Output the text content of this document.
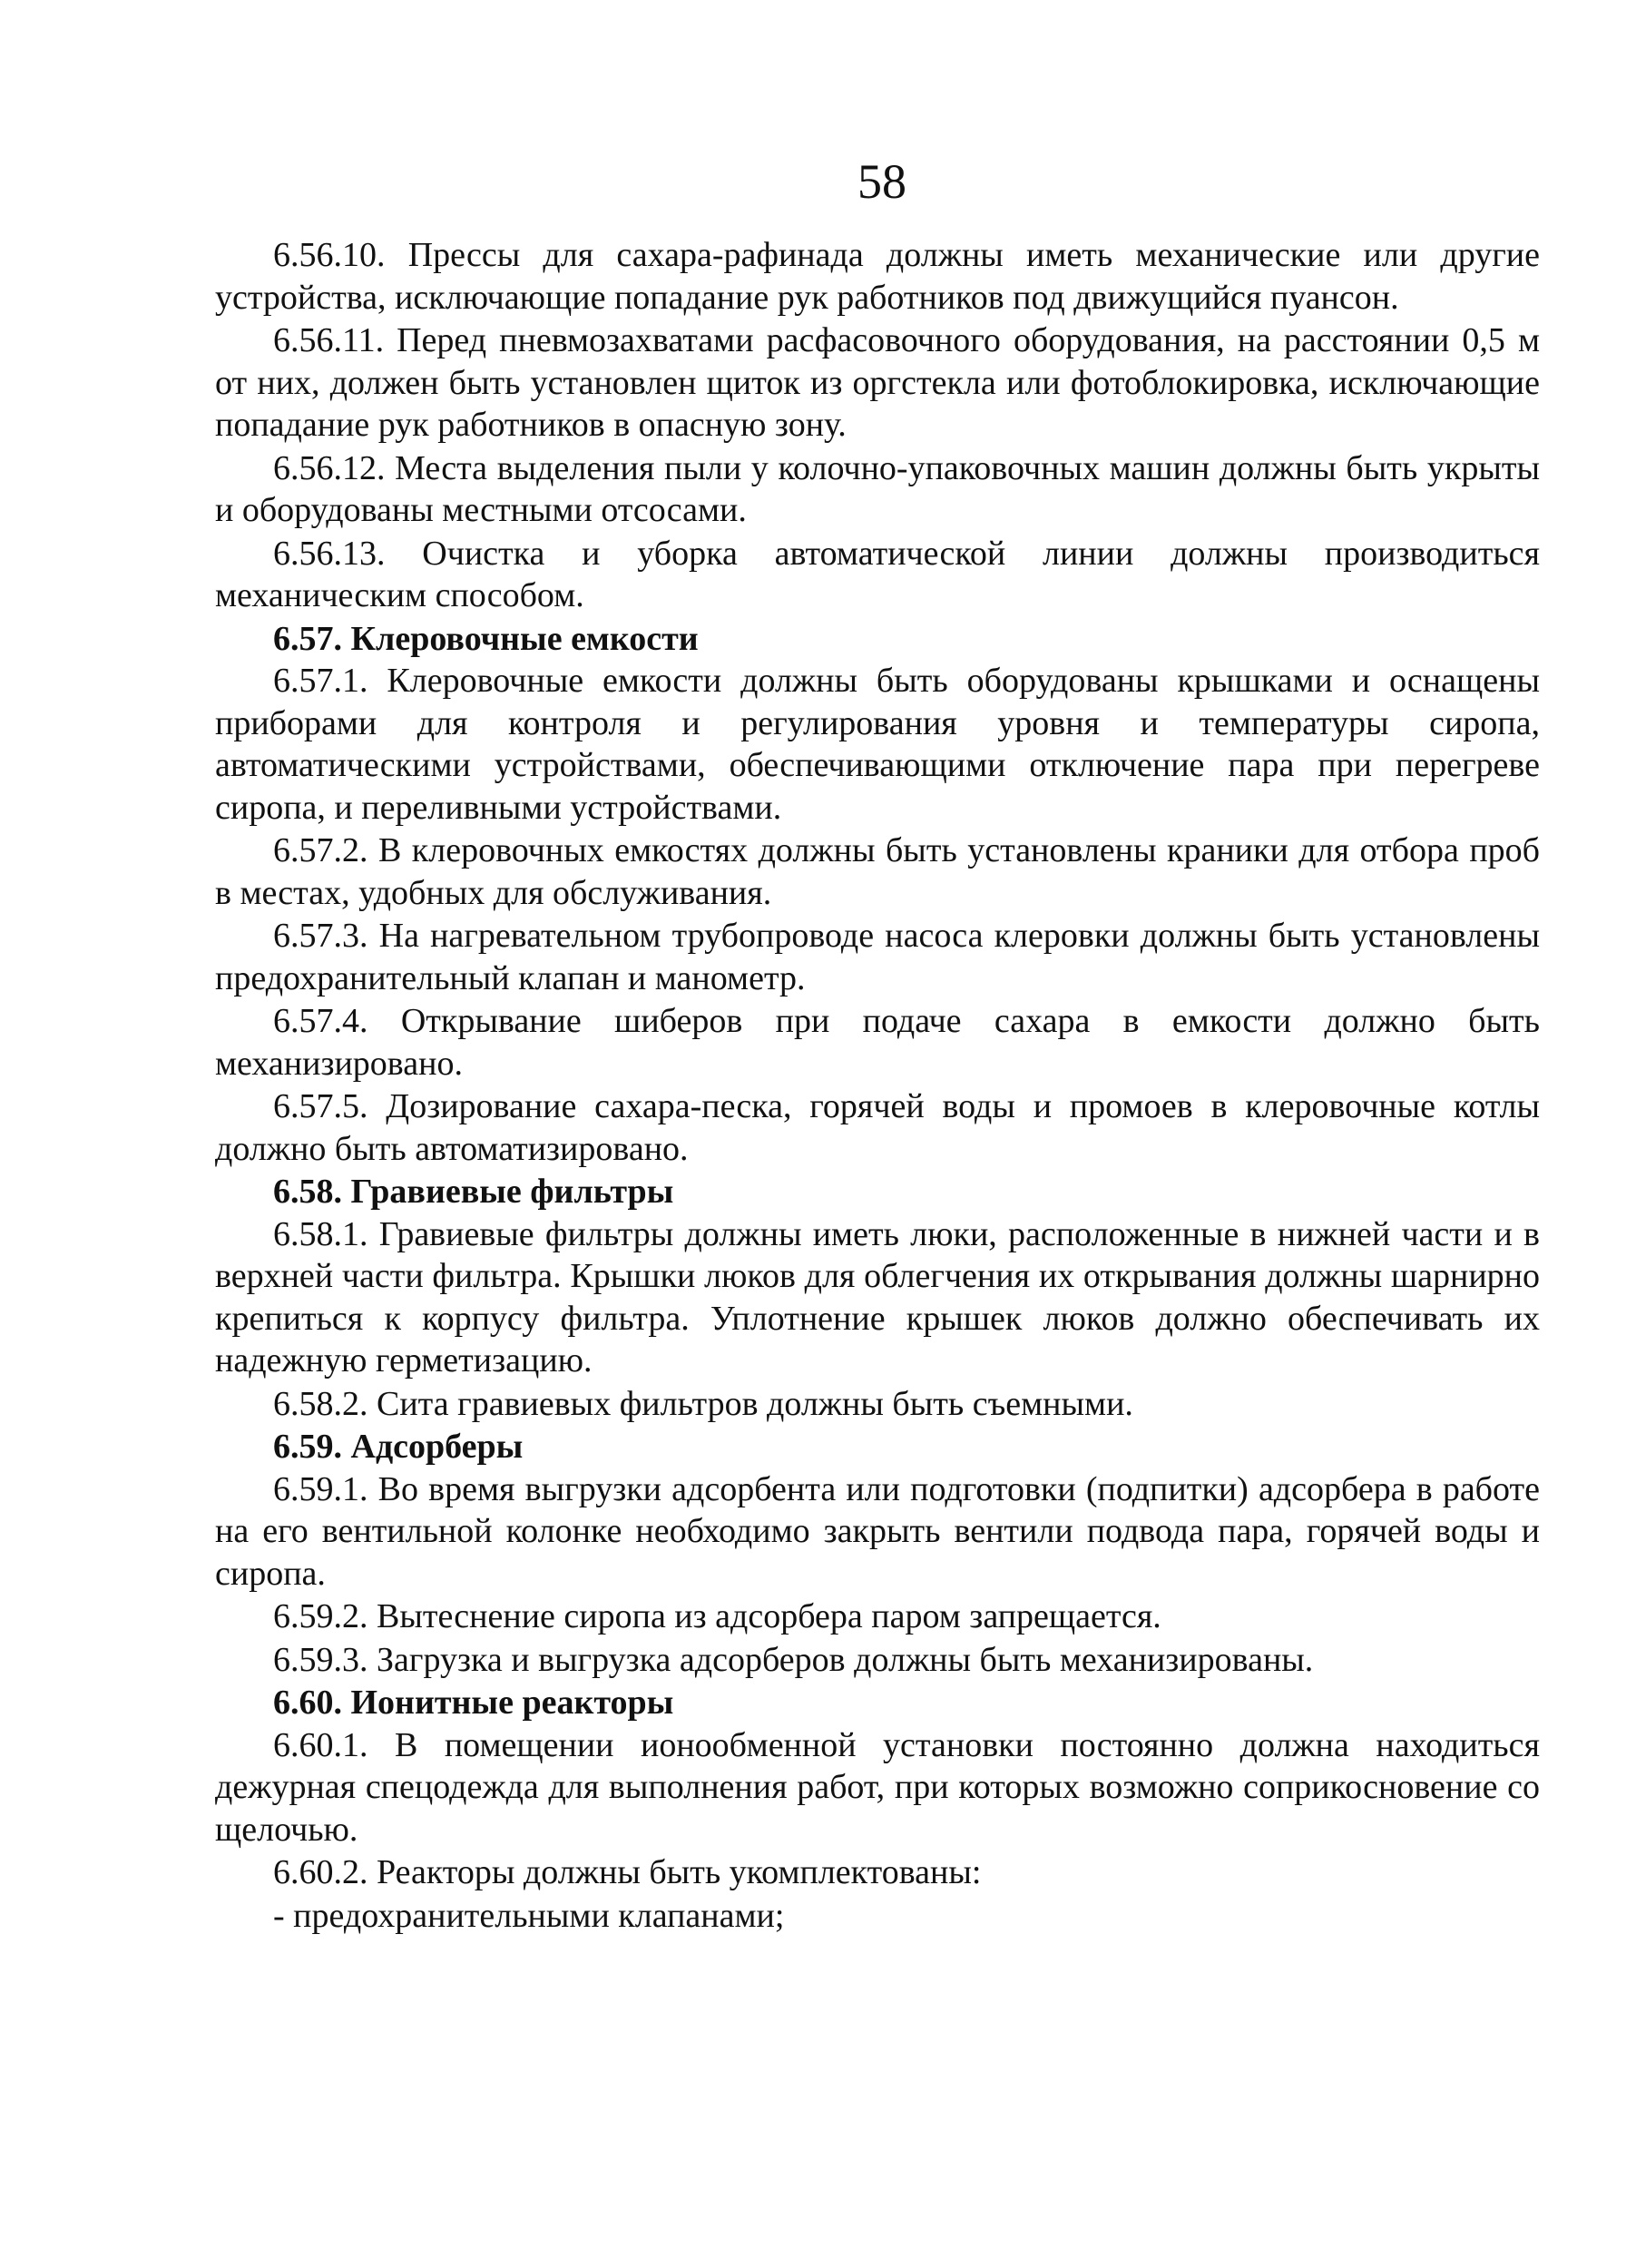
58

6.56.10. Прессы для сахара-рафинада должны иметь механические или другие устройства, исключающие попадание рук работников под движущийся пуансон.

6.56.11. Перед пневмозахватами расфасовочного оборудования, на расстоянии 0,5 м от них, должен быть установлен щиток из оргстекла или фотоблокировка, исключающие попадание рук работников в опасную зону.

6.56.12. Места выделения пыли у колочно-упаковочных машин должны быть укрыты и оборудованы местными отсосами.

6.56.13. Очистка и уборка автоматической линии должны производиться механическим способом.

6.57. Клеровочные емкости

6.57.1. Клеровочные емкости должны быть оборудованы крышками и оснащены приборами для контроля и регулирования уровня и температуры сиропа, автоматическими устройствами, обеспечивающими отключение пара при перегреве сиропа, и переливными устройствами.

6.57.2. В клеровочных емкостях должны быть установлены краники для отбора проб в местах, удобных для обслуживания.

6.57.3. На нагревательном трубопроводе насоса клеровки должны быть установлены предохранительный клапан и манометр.

6.57.4. Открывание шиберов при подаче сахара в емкости должно быть механизировано.

6.57.5. Дозирование сахара-песка, горячей воды и промоев в клеровочные котлы должно быть автоматизировано.

6.58. Гравиевые фильтры

6.58.1. Гравиевые фильтры должны иметь люки, расположенные в нижней части и в верхней части фильтра. Крышки люков для облегчения их открывания должны шарнирно крепиться к корпусу фильтра. Уплотнение крышек люков должно обеспечивать их надежную герметизацию.

6.58.2. Сита гравиевых фильтров должны быть съемными.

6.59. Адсорберы

6.59.1. Во время выгрузки адсорбента или подготовки (подпитки) адсорбера в работе на его вентильной колонке необходимо закрыть вентили подвода пара, горячей воды и сиропа.

6.59.2. Вытеснение сиропа из адсорбера паром запрещается.

6.59.3. Загрузка и выгрузка адсорберов должны быть механизированы.

6.60. Ионитные реакторы

6.60.1. В помещении ионообменной установки постоянно должна находиться дежурная спецодежда для выполнения работ, при которых возможно соприкосновение со щелочью.

6.60.2. Реакторы должны быть укомплектованы:

- предохранительными клапанами;
